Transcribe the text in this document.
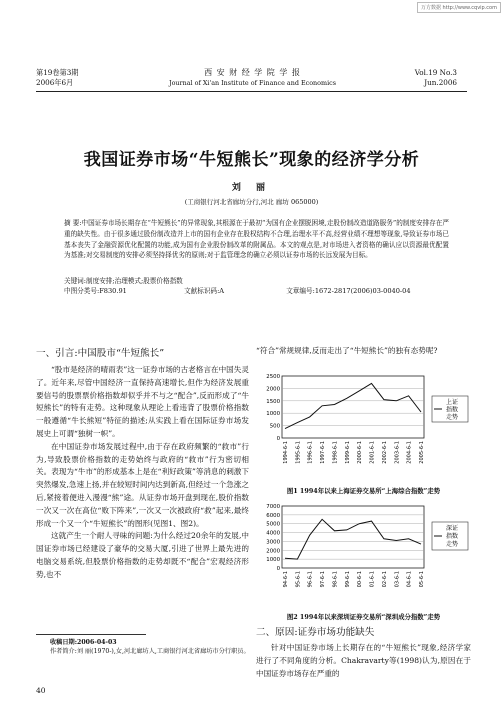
万方数据 http://www.cqvip.com
第19卷第3期
2006年6月
西 安 财 经 学 院 学 报
Journal of Xi'an Institute of Finance and Economics
Vol.19 No.3
Jun.2006
我国证券市场“牛短熊长”现象的经济学分析
刘 丽
(工商银行河北省廊坊分行,河北 廊坊 065000)
摘 要:中国证券市场长期存在“牛短熊长”的异常现象,其根源在于最初“为国有企业摆脱困境,走股份制改造道路服务”的制度安排存在严重的缺失性。由于很多通过股份制改造并上市的国有企业存在股权结构不合理,治理水平不高,经营业绩不理想等现象,导致证券市场已基本丧失了金融资源优化配置的功能,成为国有企业股份制改革的附属品。本文的观点是,对市场进入者资格的确认应以资源最优配置为基准;对交易制度的安排必须坚持择优劣的原则;对于监管理念的确立必须以证券市场的长远发展为目标。
关键词:制度安排;治理模式;股票价格指数
中图分类号:F830.91	文献标识码:A	文章编号:1672-2817(2006)03-0040-04
一、引言:中国股市“牛短熊长”

“股市是经济的晴雨表”这一证券市场的古老格言在中国失灵了。近年来,尽管中国经济一直保持高速增长,但作为经济发展重要信号的股票票价格指数却似乎并不与之“配合”,反而形成了“牛短熊长”的特有走势。这种现象从理论上看违背了股票价格指数一般遵循“牛长熊短”特征的描述;从实践上看在国际证券市场发展史上可谓“独树一帜”。

在中国证券市场发展过程中,由于存在政府频繁的“救市”行为,导致股票价格指数的走势始终与政府的“救市”行为密切相关。表现为“牛市”的形成基本上是在“利好政策”等消息的刺激下突然爆发,急速上扬,并在较短时间内达到新高,但经过一个急涨之后,紧接着便进入漫漫“熊”途。从证券市场开盘到现在,股价指数一次又一次在高位“败下阵来”,一次又一次被政府“救”起来,最终形成一个又一个“牛短熊长”的图形(见图1、图2)。

这就产生一个耐人寻味的问题:为什么经过20余年的发展,中国证券市场已经建设了豪华的交易大厦,引进了世界上最先进的电脑交易系统,但股票价格指数的走势却既不“配合”宏观经济形势,也不

“符合”常规规律,反而走出了“牛短熊长”的独有态势呢?

2500
2000
1500
1000
500
0
1994-6-1 1995-6-1 1996-6-1 1997-6-1 1998-6-1 1999-6-1 2000-6-1 2001-6-1 2002-6-1 2003-6-1 2004-6-1 2005-6-1
上证
指数
走势
图1 1994年以来上海证券交易所“上海综合指数”走势
7000
6000
5000
4000
3000
2000
1000
0
94-6-1 95-6-1 96-6-1 97-6-1 98-6-1 99-6-1 00-6-1 01-6-1 02-6-1 03-6-1 04-6-1 05-6-1
深证
指数
走势
图2 1994年以来深圳证券交易所“深圳成分指数”走势
二、原因:证券市场功能缺失

针对中国证券市场上长期存在的“牛短熊长”现象,经济学家进行了不同角度的分析。Chakravarty等(1998)认为,原因在于中国证券市场存在严重的

收稿日期:2006-04-03
作者简介:刘 丽(1970-),女,河北廊坊人,工商银行河北省廊坊市分行职员。
40
